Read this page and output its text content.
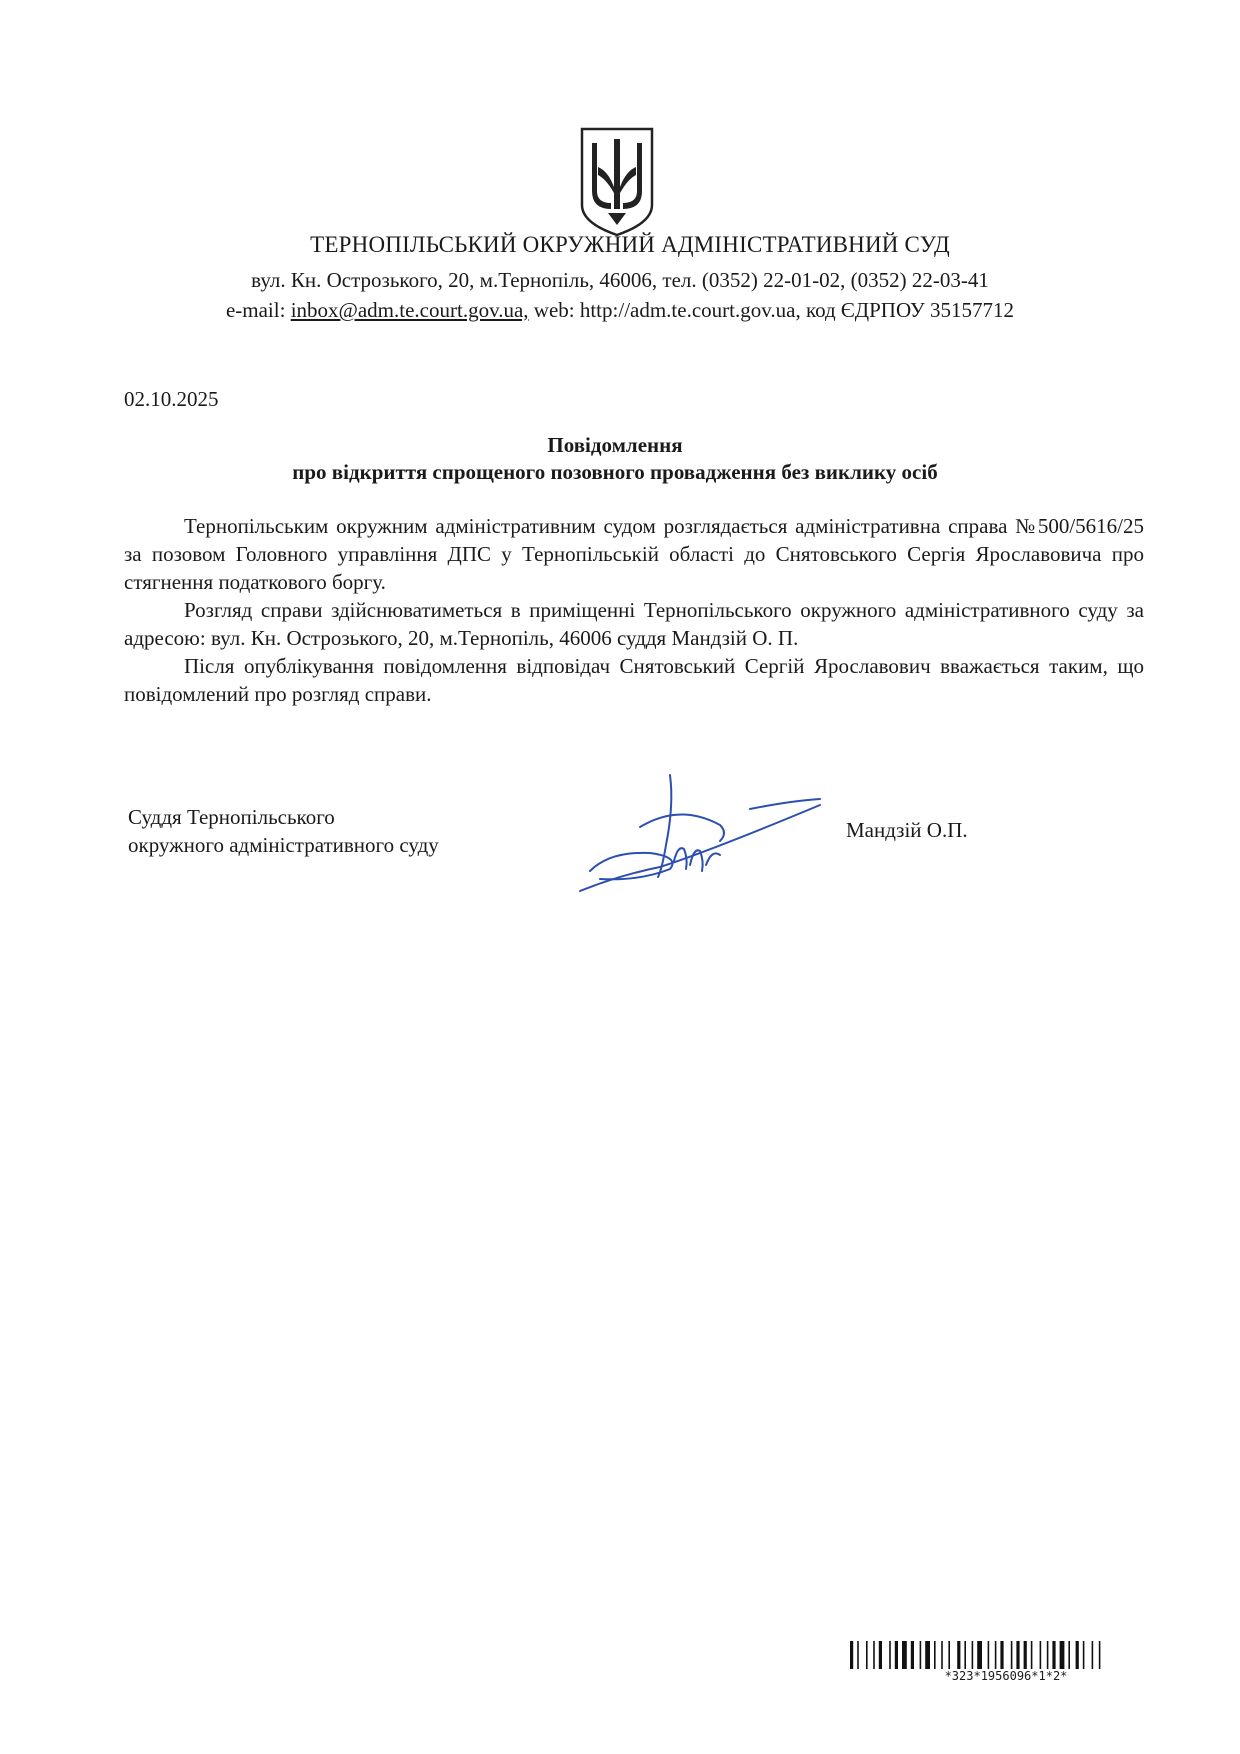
ТЕРНОПІЛЬСЬКИЙ ОКРУЖНИЙ АДМІНІСТРАТИВНИЙ СУД
вул. Кн. Острозького, 20, м.Тернопіль, 46006, тел. (0352) 22-01-02, (0352) 22-03-41
e-mail: inbox@adm.te.court.gov.ua, web: http://adm.te.court.gov.ua, код ЄДРПОУ 35157712
02.10.2025
Повідомлення
про відкриття спрощеного позовного провадження без виклику осіб

Тернопільським окружним адміністративним судом розглядається адміністративна справа №500/5616/25 за позовом Головного управління ДПС у Тернопільській області до Снятовського Сергія Ярославовича про стягнення податкового боргу.

Розгляд справи здійснюватиметься в приміщенні Тернопільського окружного адміністративного суду за адресою: вул. Кн. Острозького, 20, м.Тернопіль, 46006 суддя Мандзій О. П.

Після опублікування повідомлення відповідач Снятовський Сергій Ярославович вважається таким, що повідомлений про розгляд справи.

Суддя Тернопільського
окружного адміністративного суду
Мандзій О.П.
*323*1956096*1*2*
